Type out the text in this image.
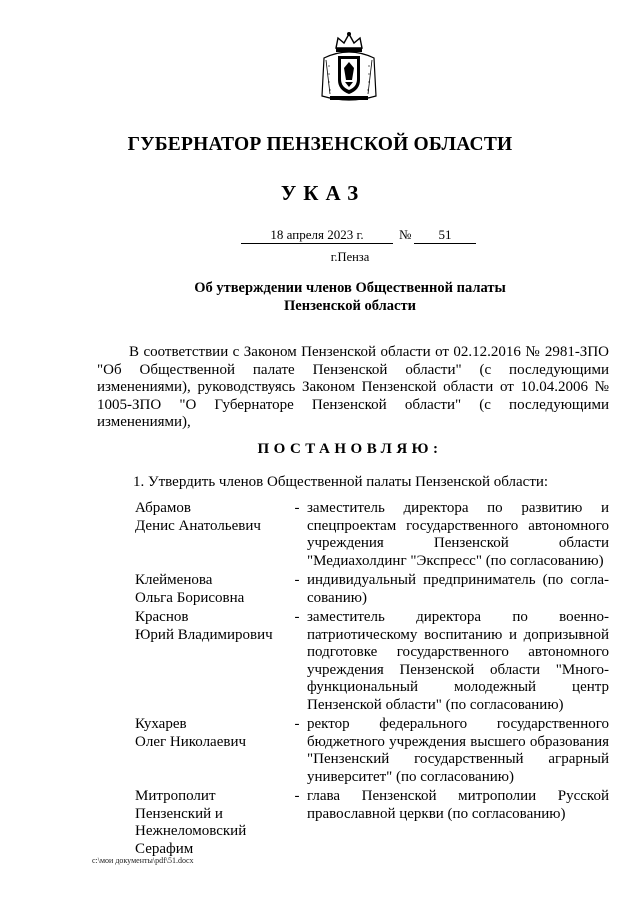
ГУБЕРНАТОР ПЕНЗЕНСКОЙ ОБЛАСТИ
УКАЗ
18 апреля 2023 г.	№	51
г.Пенза
Об утверждении членов Общественной палаты
Пензенской области
В соответствии с Законом Пензенской области от 02.12.2016 № 2981-ЗПО "Об Общественной палате Пензенской области" (с последующими изменениями), руководствуясь Законом Пензенской области от 10.04.2006 № 1005-ЗПО "О Губернаторе Пензенской области" (с последующими изменениями),
ПОСТАНОВЛЯЮ:
1. Утвердить членов Общественной палаты Пензенской области:
Абрамов
Денис Анатольевич
- заместитель директора по развитию и спецпроектам государственного автономного учреждения Пензенской области "Медиахолдинг "Экспресс" (по согласованию)
Клейменова
Ольга Борисовна
- индивидуальный предприниматель (по согла-сованию)
Краснов
Юрий Владимирович
- заместитель директора по военно-патриотическому воспитанию и допризывной подготовке государственного автономного учреждения Пензенской области "Много-функциональный молодежный центр Пензенской области" (по согласованию)
Кухарев
Олег Николаевич
- ректор федерального государственного бюджетного учреждения высшего образования "Пензенский государственный аграрный университет" (по согласованию)
Митрополит
Пензенский и
Нежнеломовский
Серафим
- глава Пензенской митрополии Русской православной церкви (по согласованию)
c:\мои документы\pdf\51.docx
